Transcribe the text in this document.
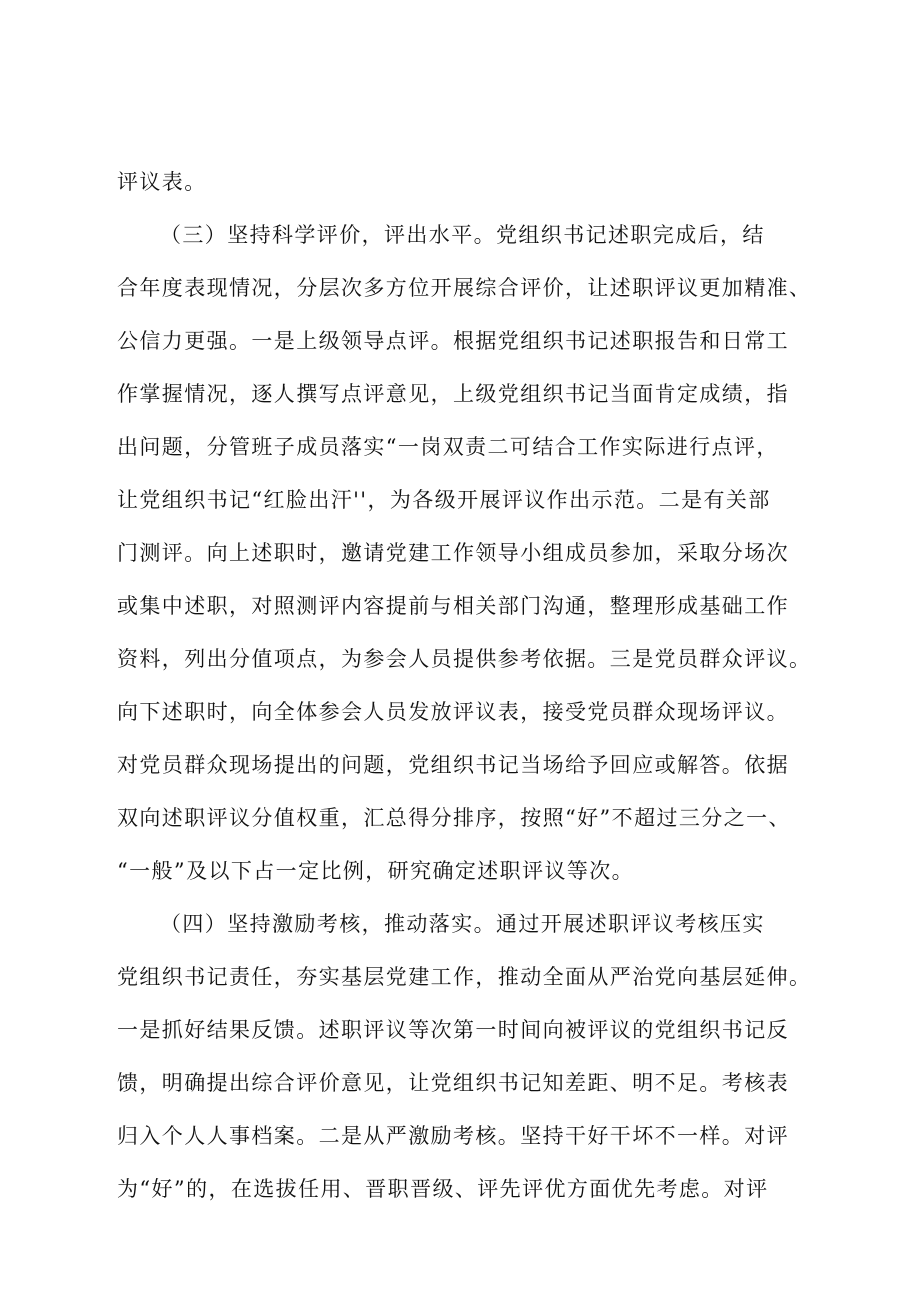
评议表。
（三）坚持科学评价，评出水平。党组织书记述职完成后，结
合年度表现情况，分层次多方位开展综合评价，让述职评议更加精准、
公信力更强。一是上级领导点评。根据党组织书记述职报告和日常工
作掌握情况，逐人撰写点评意见，上级党组织书记当面肯定成绩，指
出问题，分管班子成员落实“一岗双责二可结合工作实际进行点评，
让党组织书记“红脸出汗''，为各级开展评议作出示范。二是有关部
门测评。向上述职时，邀请党建工作领导小组成员参加，采取分场次
或集中述职，对照测评内容提前与相关部门沟通，整理形成基础工作
资料，列出分值项点，为参会人员提供参考依据。三是党员群众评议。
向下述职时，向全体参会人员发放评议表，接受党员群众现场评议。
对党员群众现场提出的问题，党组织书记当场给予回应或解答。依据
双向述职评议分值权重，汇总得分排序，按照“好”不超过三分之一、
“一般”及以下占一定比例，研究确定述职评议等次。
（四）坚持激励考核，推动落实。通过开展述职评议考核压实
党组织书记责任，夯实基层党建工作，推动全面从严治党向基层延伸。
一是抓好结果反馈。述职评议等次第一时间向被评议的党组织书记反
馈，明确提出综合评价意见，让党组织书记知差距、明不足。考核表
归入个人人事档案。二是从严激励考核。坚持干好干坏不一样。对评
为“好”的，在选拔任用、晋职晋级、评先评优方面优先考虑。对评
